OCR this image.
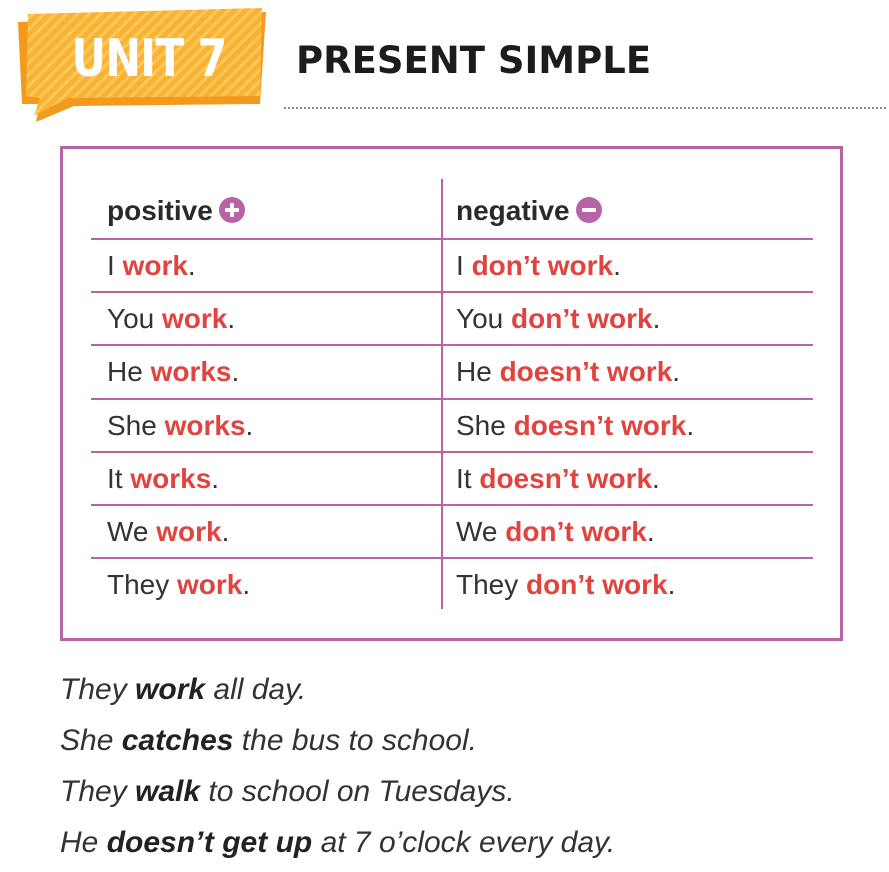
UNIT 7 PRESENT SIMPLE
positive	negative
I work.	I don’t work.
You work.	You don’t work.
He works.	He doesn’t work.
She works.	She doesn’t work.
It works.	It doesn’t work.
We work.	We don’t work.
They work.	They don’t work.
They work all day.
She catches the bus to school.
They walk to school on Tuesdays.
He doesn’t get up at 7 o’clock every day.
